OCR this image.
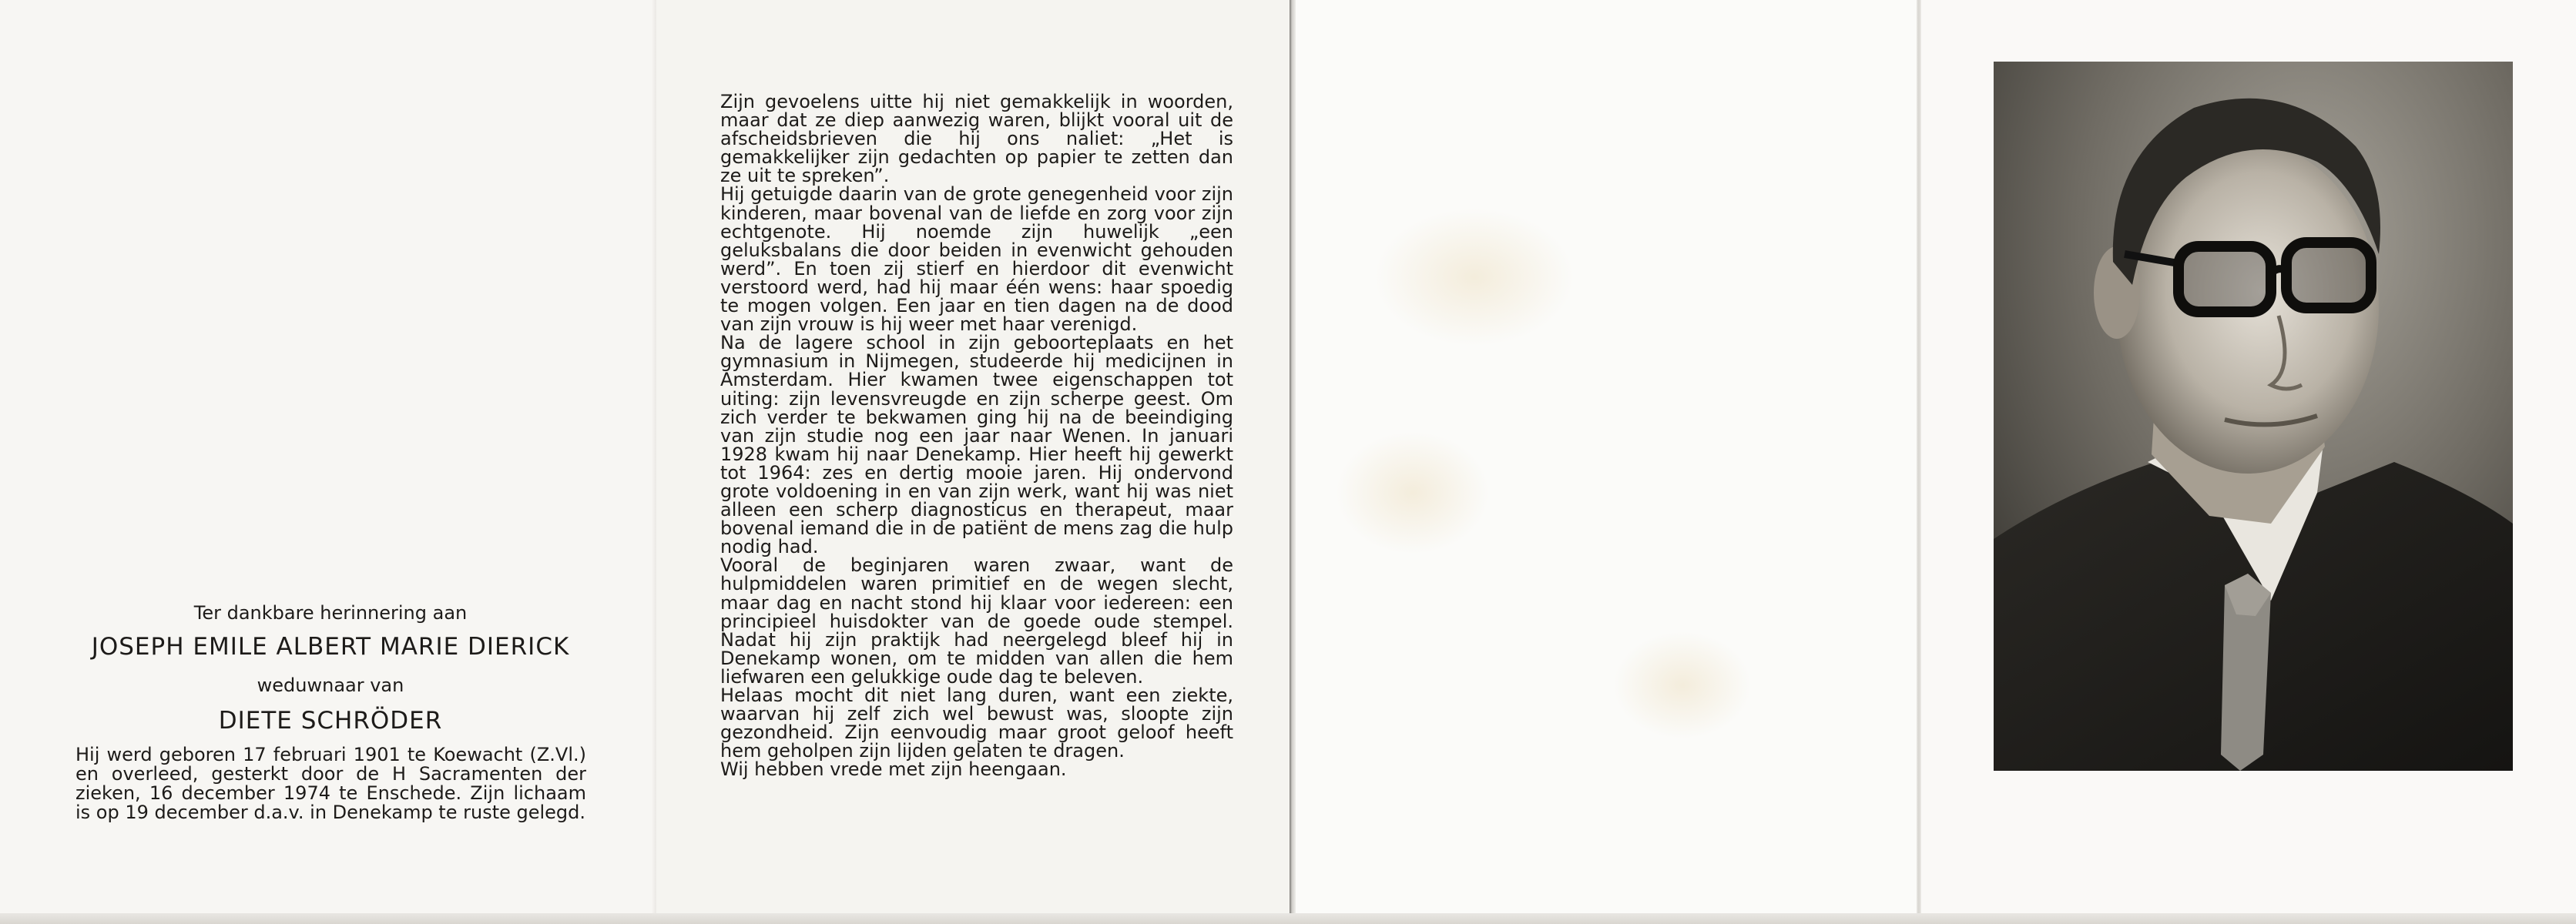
Ter dankbare herinnering aan
JOSEPH EMILE ALBERT MARIE DIERICK
weduwnaar van
DIETE SCHRÖDER
Hij werd geboren 17 februari 1901 te Koewacht (Z.Vl.) en overleed, gesterkt door de H Sacramenten der zieken, 16 december 1974 te Enschede. Zijn lichaam is op 19 december d.a.v. in Denekamp te ruste gelegd.

Zijn gevoelens uitte hij niet gemakkelijk in woorden, maar dat ze diep aanwezig waren, blijkt vooral uit de afscheidsbrieven die hij ons naliet: „Het is gemakkelijker zijn gedachten op papier te zetten dan ze uit te spreken”.

Hij getuigde daarin van de grote genegenheid voor zijn kinderen, maar bovenal van de liefde en zorg voor zijn echtgenote. Hij noemde zijn huwelijk „een geluksbalans die door beiden in evenwicht gehouden werd”. En toen zij stierf en hierdoor dit evenwicht verstoord werd, had hij maar één wens: haar spoedig te mogen volgen. Een jaar en tien dagen na de dood van zijn vrouw is hij weer met haar verenigd.

Na de lagere school in zijn geboorteplaats en het gymnasium in Nijmegen, studeerde hij medicijnen in Amsterdam. Hier kwamen twee eigenschappen tot uiting: zijn levensvreugde en zijn scherpe geest. Om zich verder te bekwamen ging hij na de beeindiging van zijn studie nog een jaar naar Wenen. In januari 1928 kwam hij naar Denekamp. Hier heeft hij gewerkt tot 1964: zes en dertig mooie jaren. Hij ondervond grote voldoening in en van zijn werk, want hij was niet alleen een scherp diagnosticus en therapeut, maar bovenal iemand die in de patiënt de mens zag die hulp nodig had.

Vooral de beginjaren waren zwaar, want de hulpmiddelen waren primitief en de wegen slecht, maar dag en nacht stond hij klaar voor iedereen: een principieel huisdokter van de goede oude stempel. Nadat hij zijn praktijk had neergelegd bleef hij in Denekamp wonen, om te midden van allen die hem liefwaren een gelukkige oude dag te beleven.

Helaas mocht dit niet lang duren, want een ziekte, waarvan hij zelf zich wel bewust was, sloopte zijn gezondheid. Zijn eenvoudig maar groot geloof heeft hem geholpen zijn lijden gelaten te dragen.

Wij hebben vrede met zijn heengaan.
